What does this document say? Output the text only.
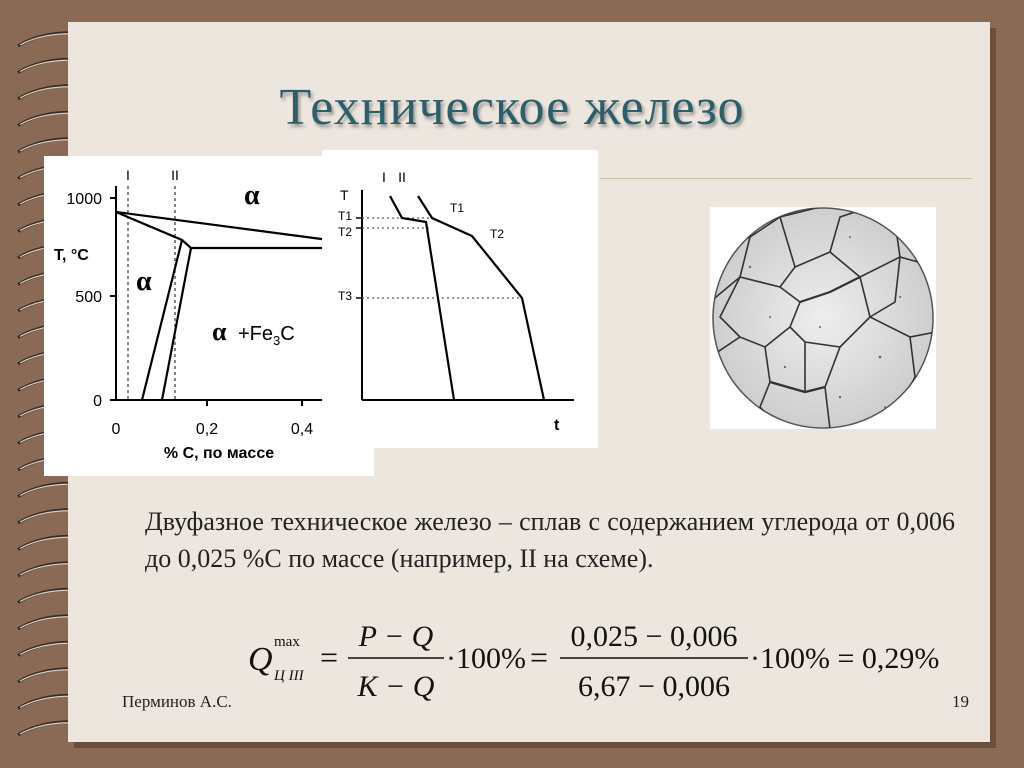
Техническое железо
1000
500
0
T, °C
0	0,2	0,4
% C, по массе
I	II
α
α
$\alpha +Fe_3C$
I II
T
T1
T2
T3
T1
T2
t
Двуфазное техническое железо – сплав с содержанием углерода от 0,006 до 0,025 %С по массе (например, II на схеме).
Q max
Ц III
=
P − Q
K − Q
·100% =
0,025 − 0,006
6,67 − 0,006
·100% = 0,29%
Перминов А.С.	19
